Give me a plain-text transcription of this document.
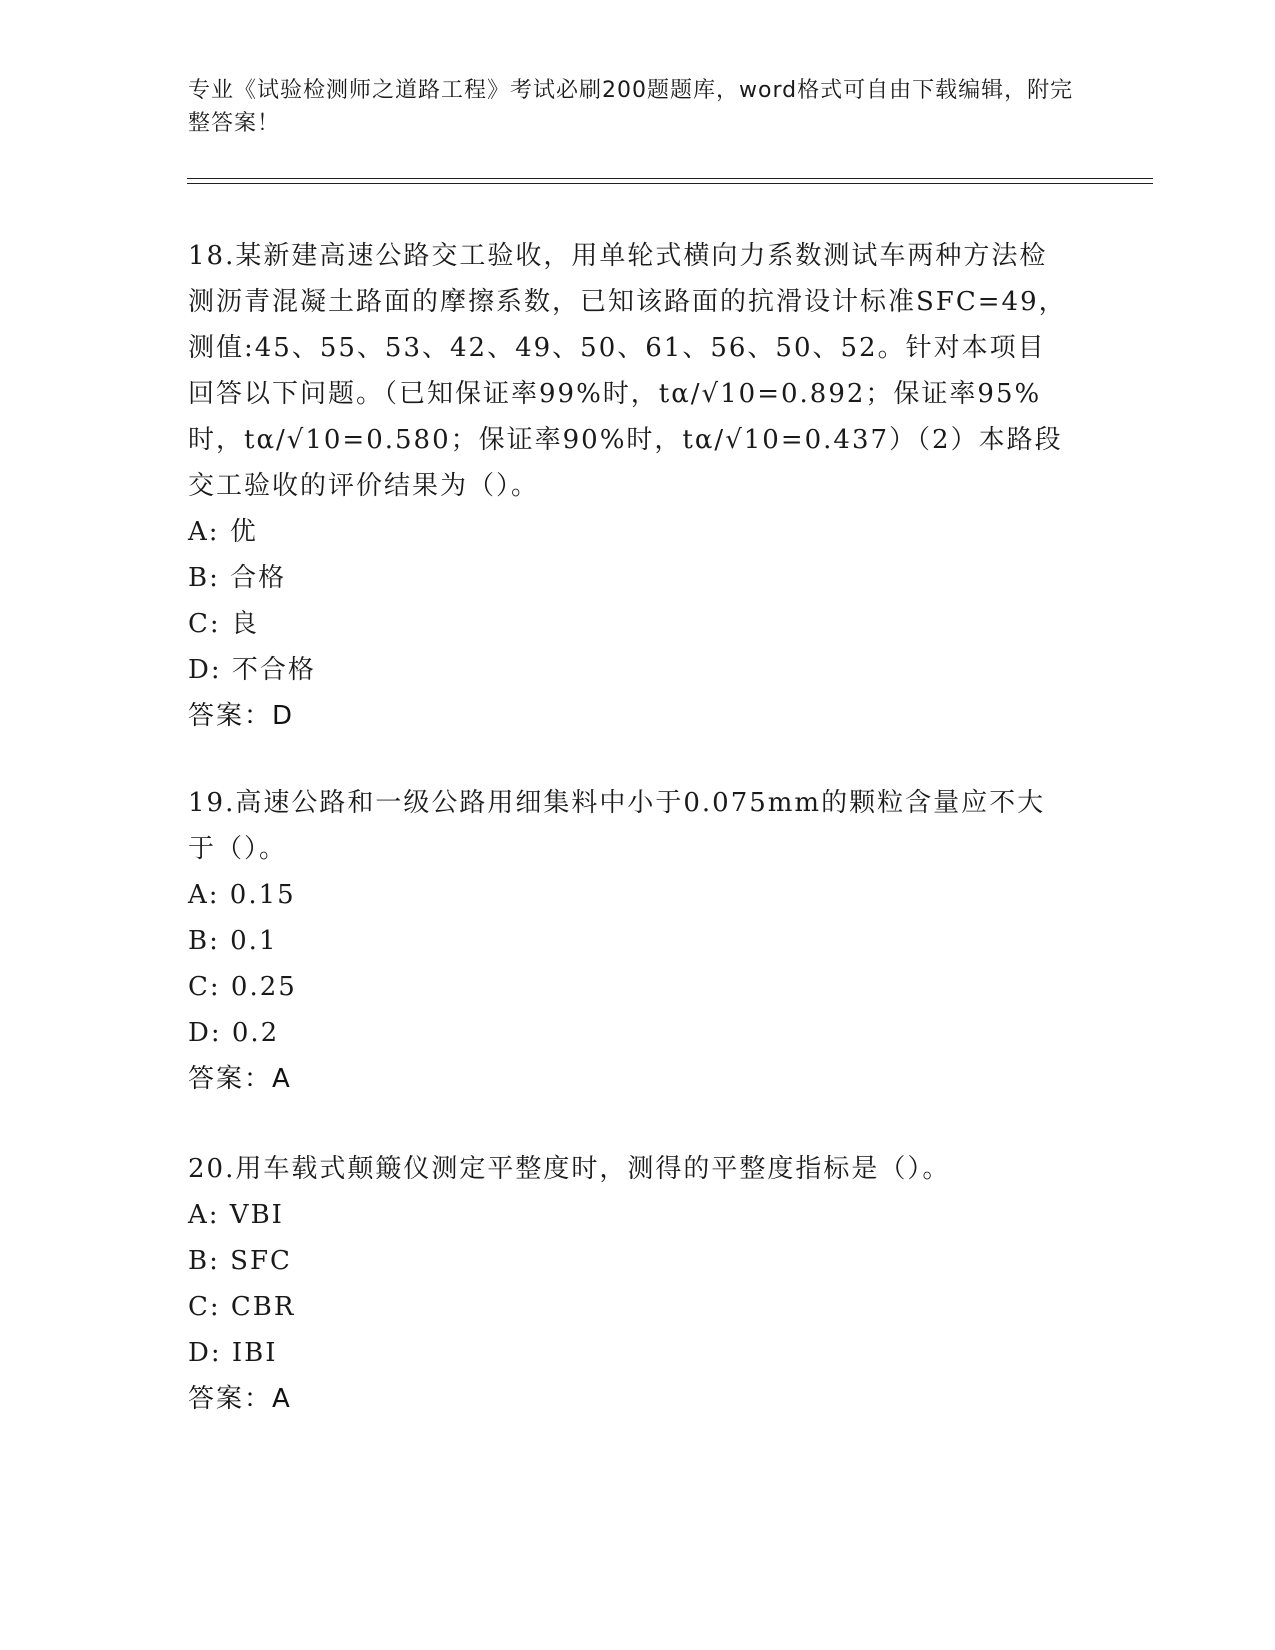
专业《试验检测师之道路工程》考试必刷200题题库，word格式可自由下载编辑，附完整答案！

18.某新建高速公路交工验收，用单轮式横向力系数测试车两种方法检测沥青混凝土路面的摩擦系数，已知该路面的抗滑设计标准SFC=49，测值:45、55、53、42、49、50、61、56、50、52。针对本项目回答以下问题。（已知保证率99%时，tα/√10=0.892；保证率95%时，tα/√10=0.580；保证率90%时，tα/√10=0.437）（2）本路段交工验收的评价结果为（）。

A: 优

B: 合格

C: 良

D: 不合格

答案：D

19.高速公路和一级公路用细集料中小于0.075mm的颗粒含量应不大于（）。

A: 0.15

B: 0.1

C: 0.25

D: 0.2

答案：A

20.用车载式颠簸仪测定平整度时，测得的平整度指标是（）。

A: VBI

B: SFC

C: CBR

D: IBI

答案：A
